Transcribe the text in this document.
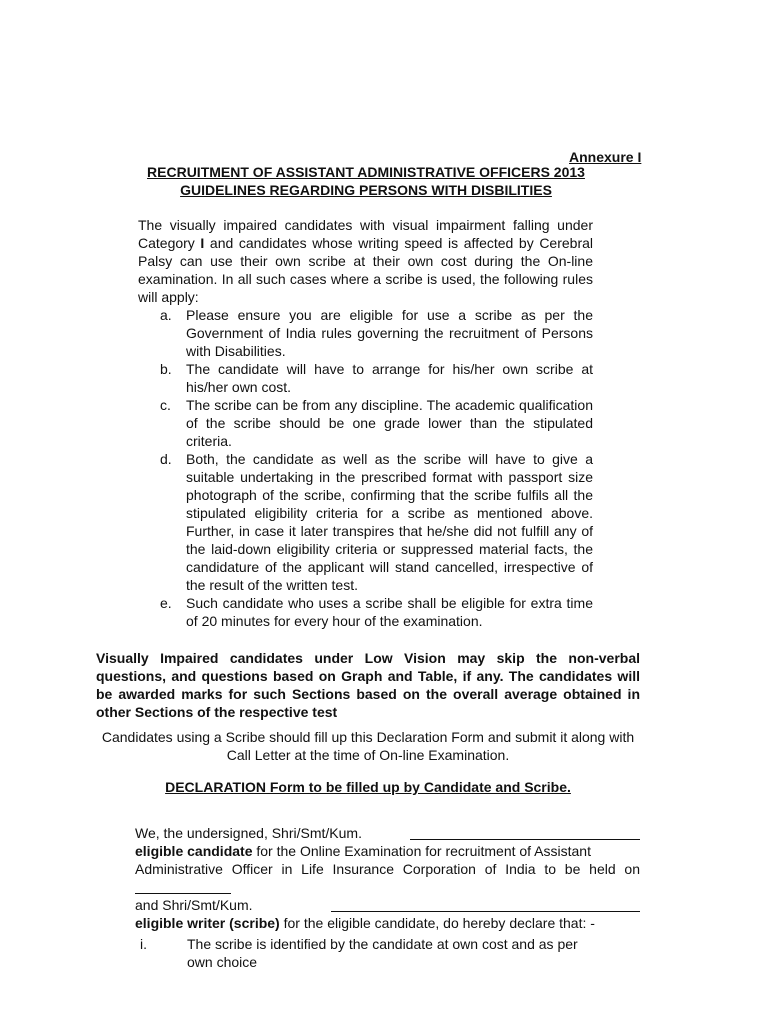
Annexure I
RECRUITMENT OF ASSISTANT ADMINISTRATIVE OFFICERS 2013
GUIDELINES REGARDING PERSONS WITH DISBILITIES
The visually impaired candidates with visual impairment falling under Category I and candidates whose writing speed is affected by Cerebral Palsy can use their own scribe at their own cost during the On-line examination. In all such cases where a scribe is used, the following rules will apply:
a.	Please ensure you are eligible for use a scribe as per the Government of India rules governing the recruitment of Persons with Disabilities.
b.	The candidate will have to arrange for his/her own scribe at his/her own cost.
c.	The scribe can be from any discipline. The academic qualification of the scribe should be one grade lower than the stipulated criteria.
d.	Both, the candidate as well as the scribe will have to give a suitable undertaking in the prescribed format with passport size photograph of the scribe, confirming that the scribe fulfils all the stipulated eligibility criteria for a scribe as mentioned above. Further, in case it later transpires that he/she did not fulfill any of the laid-down eligibility criteria or suppressed material facts, the candidature of the applicant will stand cancelled, irrespective of the result of the written test.
e.	Such candidate who uses a scribe shall be eligible for extra time of 20 minutes for every hour of the examination.
Visually Impaired candidates under Low Vision may skip the non-verbal questions, and questions based on Graph and Table, if any. The candidates will be awarded marks for such Sections based on the overall average obtained in other Sections of the respective test
Candidates using a Scribe should fill up this Declaration Form and submit it along with
Call Letter at the time of On-line Examination.
DECLARATION Form to be filled up by Candidate and Scribe.
We, the undersigned, Shri/Smt/Kum.
eligible candidate for the Online Examination for recruitment of Assistant
Administrative Officer in Life Insurance Corporation of India to be held on
and Shri/Smt/Kum.
eligible writer (scribe) for the eligible candidate, do hereby declare that: -
i.	The scribe is identified by the candidate at own cost and as per own choice
